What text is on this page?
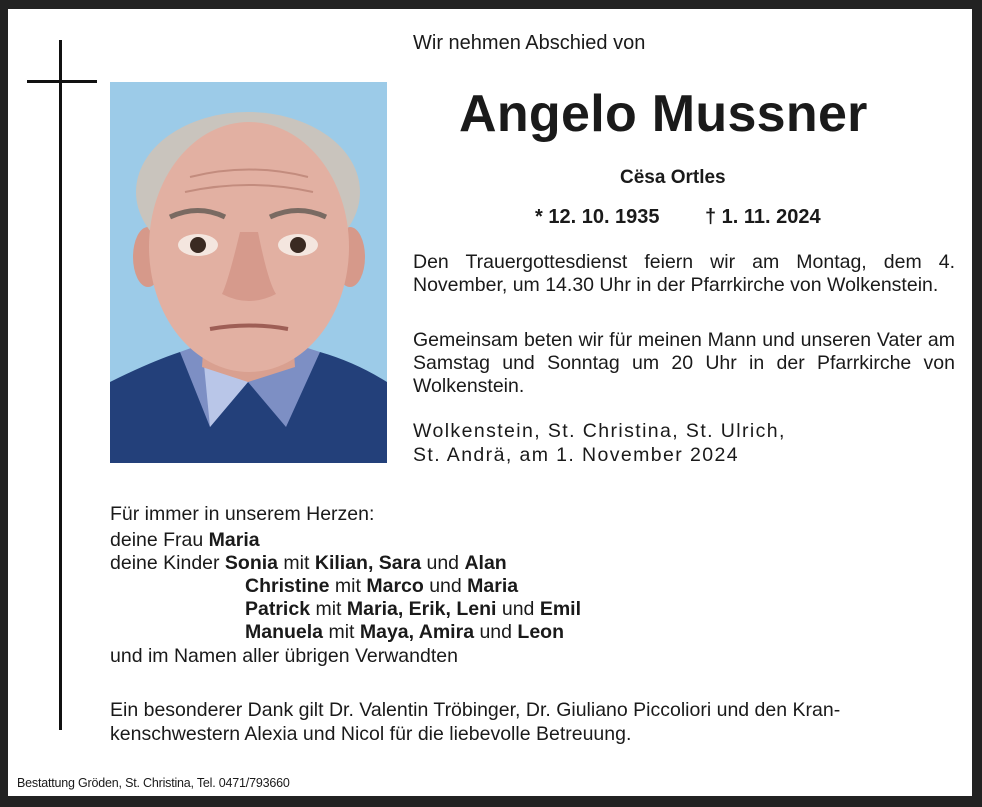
Wir nehmen Abschied von
Angelo Mussner
Cësa Ortles
* 12. 10. 1935 † 1. 11. 2024
Den Trauergottesdienst feiern wir am Montag, dem 4. November, um 14.30 Uhr in der Pfarrkirche von Wolkenstein.
Gemeinsam beten wir für meinen Mann und unseren Vater am Samstag und Sonntag um 20 Uhr in der Pfarrkirche von Wolkenstein.
Wolkenstein, St. Christina, St. Ulrich,
St. Andrä, am 1. November 2024
Für immer in unserem Herzen:
deine Frau Maria
deine Kinder Sonia mit Kilian, Sara und Alan
Christine mit Marco und Maria
Patrick mit Maria, Erik, Leni und Emil
Manuela mit Maya, Amira und Leon
und im Namen aller übrigen Verwandten
Ein besonderer Dank gilt Dr. Valentin Tröbinger, Dr. Giuliano Piccoliori und den Kran-
kenschwestern Alexia und Nicol für die liebevolle Betreuung.
Bestattung Gröden, St. Christina, Tel. 0471/793660
